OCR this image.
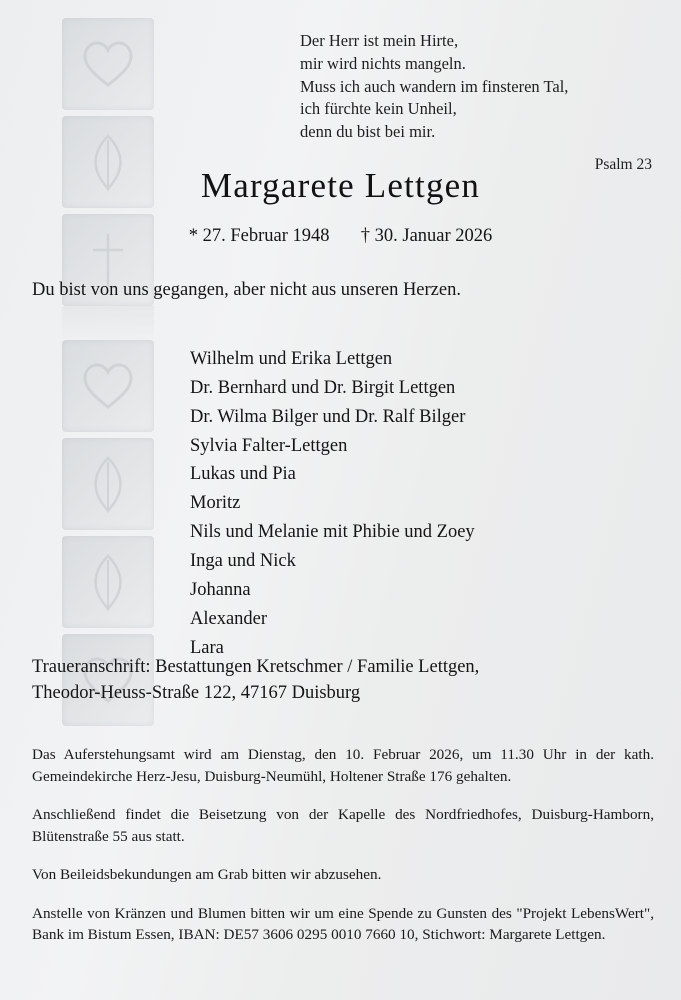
Der Herr ist mein Hirte,
mir wird nichts mangeln.
Muss ich auch wandern im finsteren Tal,
ich fürchte kein Unheil,
denn du bist bei mir.
Psalm 23
Margarete Lettgen
* 27. Februar 1948 † 30. Januar 2026
Du bist von uns gegangen, aber nicht aus unseren Herzen.
Wilhelm und Erika Lettgen
Dr. Bernhard und Dr. Birgit Lettgen
Dr. Wilma Bilger und Dr. Ralf Bilger
Sylvia Falter-Lettgen
Lukas und Pia
Moritz
Nils und Melanie mit Phibie und Zoey
Inga und Nick
Johanna
Alexander
Lara
Traueranschrift: Bestattungen Kretschmer / Familie Lettgen,
Theodor-Heuss-Straße 122, 47167 Duisburg

Das Auferstehungsamt wird am Dienstag, den 10. Februar 2026, um 11.30 Uhr in der kath. Gemeindekirche Herz-Jesu, Duisburg-Neumühl, Holtener Straße 176 gehalten.

Anschließend findet die Beisetzung von der Kapelle des Nordfriedhofes, Duisburg-Hamborn, Blütenstraße 55 aus statt.

Von Beileidsbekundungen am Grab bitten wir abzusehen.

Anstelle von Kränzen und Blumen bitten wir um eine Spende zu Gunsten des "Projekt LebensWert", Bank im Bistum Essen, IBAN: DE57 3606 0295 0010 7660 10, Stichwort: Margarete Lettgen.
